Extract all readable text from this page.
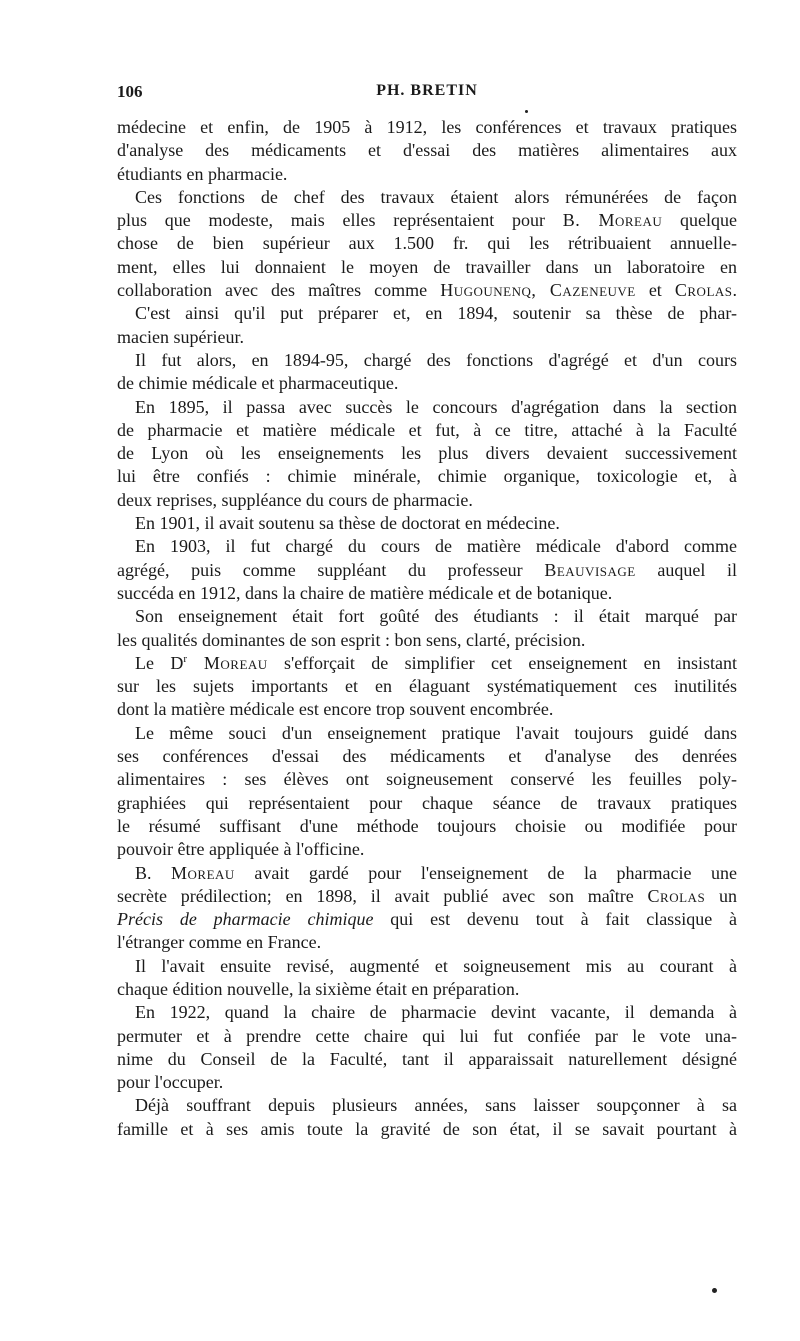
106	PH. BRETIN
médecine et enfin, de 1905 à 1912, les conférences et travaux pratiques
d'analyse des médicaments et d'essai des matières alimentaires aux
étudiants en pharmacie.
Ces fonctions de chef des travaux étaient alors rémunérées de façon
plus que modeste, mais elles représentaient pour B. Moreau quelque
chose de bien supérieur aux 1.500 fr. qui les rétribuaient annuelle-
ment, elles lui donnaient le moyen de travailler dans un laboratoire en
collaboration avec des maîtres comme Hugounenq, Cazeneuve et Crolas.
C'est ainsi qu'il put préparer et, en 1894, soutenir sa thèse de phar-
macien supérieur.
Il fut alors, en 1894-95, chargé des fonctions d'agrégé et d'un cours
de chimie médicale et pharmaceutique.
En 1895, il passa avec succès le concours d'agrégation dans la section
de pharmacie et matière médicale et fut, à ce titre, attaché à la Faculté
de Lyon où les enseignements les plus divers devaient successivement
lui être confiés : chimie minérale, chimie organique, toxicologie et, à
deux reprises, suppléance du cours de pharmacie.
En 1901, il avait soutenu sa thèse de doctorat en médecine.
En 1903, il fut chargé du cours de matière médicale d'abord comme
agrégé, puis comme suppléant du professeur Beauvisage auquel il
succéda en 1912, dans la chaire de matière médicale et de botanique.
Son enseignement était fort goûté des étudiants : il était marqué par
les qualités dominantes de son esprit : bon sens, clarté, précision.
Le $D^r$ Moreau s'efforçait de simplifier cet enseignement en insistant
sur les sujets importants et en élaguant systématiquement ces inutilités
dont la matière médicale est encore trop souvent encombrée.
Le même souci d'un enseignement pratique l'avait toujours guidé dans
ses conférences d'essai des médicaments et d'analyse des denrées
alimentaires : ses élèves ont soigneusement conservé les feuilles poly-
graphiées qui représentaient pour chaque séance de travaux pratiques
le résumé suffisant d'une méthode toujours choisie ou modifiée pour
pouvoir être appliquée à l'officine.
B. Moreau avait gardé pour l'enseignement de la pharmacie une
secrète prédilection; en 1898, il avait publié avec son maître Crolas un
Précis de pharmacie chimique qui est devenu tout à fait classique à
l'étranger comme en France.
Il l'avait ensuite revisé, augmenté et soigneusement mis au courant à
chaque édition nouvelle, la sixième était en préparation.
En 1922, quand la chaire de pharmacie devint vacante, il demanda à
permuter et à prendre cette chaire qui lui fut confiée par le vote una-
nime du Conseil de la Faculté, tant il apparaissait naturellement désigné
pour l'occuper.
Déjà souffrant depuis plusieurs années, sans laisser soupçonner à sa
famille et à ses amis toute la gravité de son état, il se savait pourtant à
